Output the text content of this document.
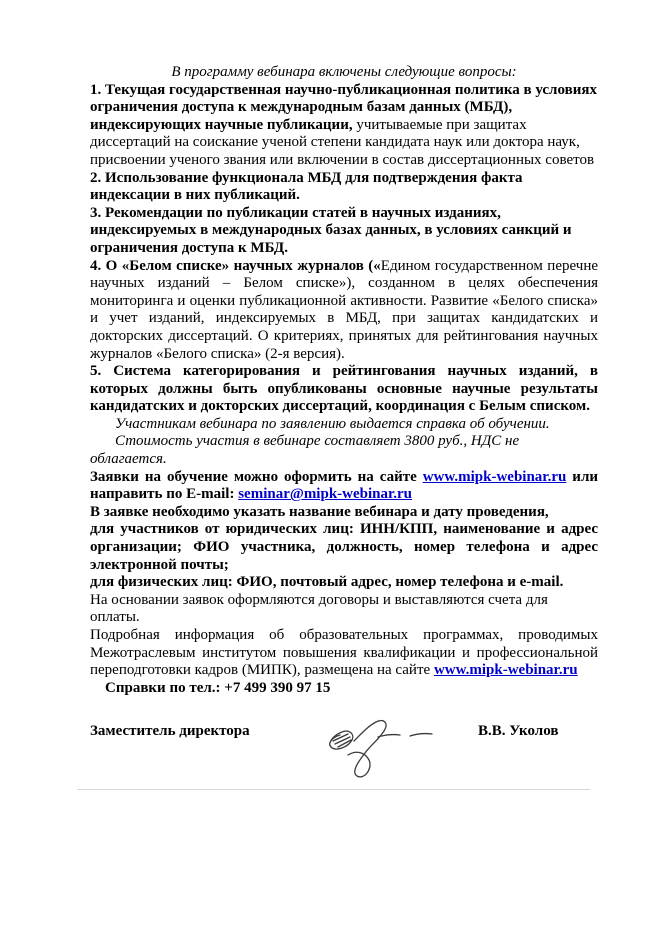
В программу вебинара включены следующие вопросы:

1. Текущая государственная научно-публикационная политика в условиях ограничения доступа к международным базам данных (МБД), индексирующих научные публикации, учитываемые при защитах диссертаций на соискание ученой степени кандидата наук или доктора наук, присвоении ученого звания или включении в состав диссертационных советов

2. Использование функционала МБД для подтверждения факта индексации в них публикаций.

3. Рекомендации по публикации статей в научных изданиях, индексируемых в международных базах данных, в условиях санкций и ограничения доступа к МБД.

4. О «Белом списке» научных журналов («Едином государственном перечне научных изданий – Белом списке»), созданном в целях обеспечения мониторинга и оценки публикационной активности. Развитие «Белого списка» и учет изданий, индексируемых в МБД, при защитах кандидатских и докторских диссертаций. О критериях, принятых для рейтингования научных журналов «Белого списка» (2-я версия).

5. Система категорирования и рейтингования научных изданий, в которых должны быть опубликованы основные научные результаты кандидатских и докторских диссертаций, координация с Белым списком.

Участникам вебинара по заявлению выдается справка об обучении.

Стоимость участия в вебинаре составляет 3800 руб., НДС не облагается.

Заявки на обучение можно оформить на сайте www.mipk-webinar.ru или направить по E-mail: seminar@mipk-webinar.ru

В заявке необходимо указать название вебинара и дату проведения,

для участников от юридических лиц: ИНН/КПП, наименование и адрес организации; ФИО участника, должность, номер телефона и адрес электронной почты;

для физических лиц: ФИО, почтовый адрес, номер телефона и e-mail.

На основании заявок оформляются договоры и выставляются счета для оплаты.

Подробная информация об образовательных программах, проводимых Межотраслевым институтом повышения квалификации и профессиональной переподготовки кадров (МИПК), размещена на сайте www.mipk-webinar.ru

Справки по тел.: +7 499 390 97 15

Заместитель директора	В.В. Уколов
